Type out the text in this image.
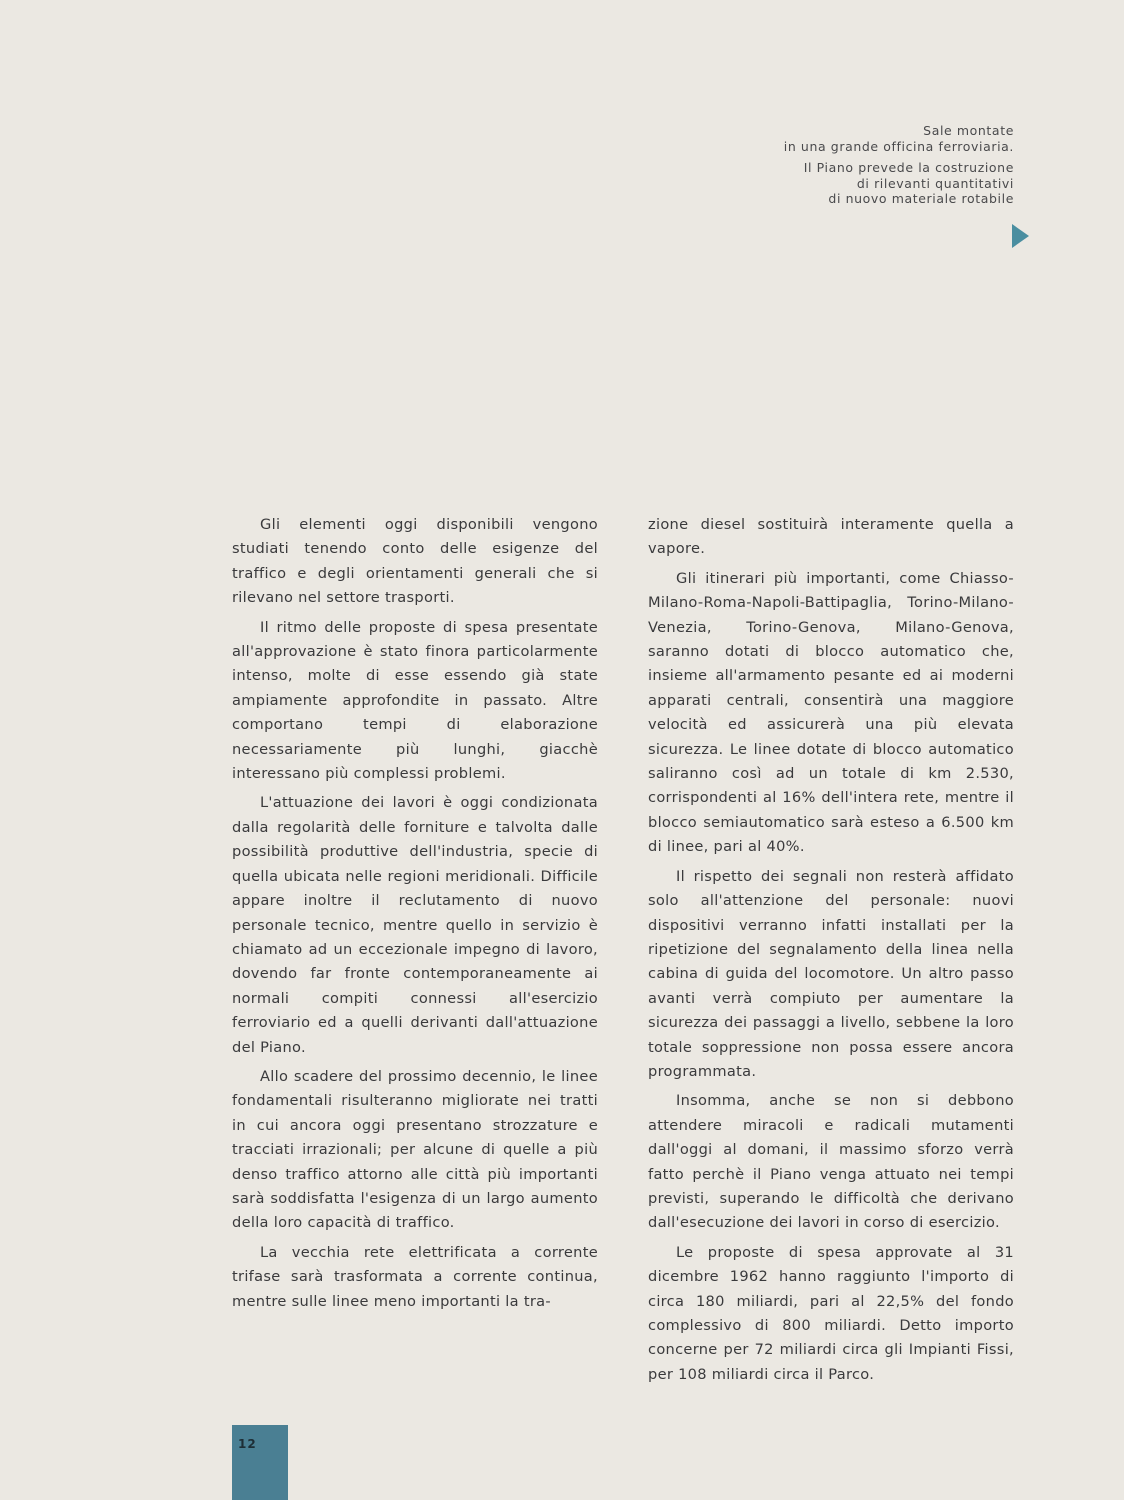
Sale montate
in una grande officina ferroviaria.
Il Piano prevede la costruzione
di rilevanti quantitativi
di nuovo materiale rotabile

Gli elementi oggi disponibili vengono studiati tenendo conto delle esigenze del traffico e degli orientamenti generali che si rilevano nel settore trasporti.

Il ritmo delle proposte di spesa presentate all'approvazione è stato finora particolarmente intenso, molte di esse essendo già state ampiamente approfondite in passato. Altre comportano tempi di elaborazione necessariamente più lunghi, giacchè interessano più complessi problemi.

L'attuazione dei lavori è oggi condizionata dalla regolarità delle forniture e talvolta dalle possibilità produttive dell'industria, specie di quella ubicata nelle regioni meridionali. Difficile appare inoltre il reclutamento di nuovo personale tecnico, mentre quello in servizio è chiamato ad un eccezionale impegno di lavoro, dovendo far fronte contemporaneamente ai normali compiti connessi all'esercizio ferroviario ed a quelli derivanti dall'attuazione del Piano.

Allo scadere del prossimo decennio, le linee fondamentali risulteranno migliorate nei tratti in cui ancora oggi presentano strozzature e tracciati irrazionali; per alcune di quelle a più denso traffico attorno alle città più importanti sarà soddisfatta l'esigenza di un largo aumento della loro capacità di traffico.

La vecchia rete elettrificata a corrente trifase sarà trasformata a corrente continua, mentre sulle linee meno importanti la tra-

zione diesel sostituirà interamente quella a vapore.

Gli itinerari più importanti, come Chiasso-Milano-Roma-Napoli-Battipaglia, Torino-Milano-Venezia, Torino-Genova, Milano-Genova, saranno dotati di blocco automatico che, insieme all'armamento pesante ed ai moderni apparati centrali, consentirà una maggiore velocità ed assicurerà una più elevata sicurezza. Le linee dotate di blocco automatico saliranno così ad un totale di km 2.530, corrispondenti al 16% dell'intera rete, mentre il blocco semiautomatico sarà esteso a 6.500 km di linee, pari al 40%.

Il rispetto dei segnali non resterà affidato solo all'attenzione del personale: nuovi dispositivi verranno infatti installati per la ripetizione del segnalamento della linea nella cabina di guida del locomotore. Un altro passo avanti verrà compiuto per aumentare la sicurezza dei passaggi a livello, sebbene la loro totale soppressione non possa essere ancora programmata.

Insomma, anche se non si debbono attendere miracoli e radicali mutamenti dall'oggi al domani, il massimo sforzo verrà fatto perchè il Piano venga attuato nei tempi previsti, superando le difficoltà che derivano dall'esecuzione dei lavori in corso di esercizio.

Le proposte di spesa approvate al 31 dicembre 1962 hanno raggiunto l'importo di circa 180 miliardi, pari al 22,5% del fondo complessivo di 800 miliardi. Detto importo concerne per 72 miliardi circa gli Impianti Fissi, per 108 miliardi circa il Parco.

12
